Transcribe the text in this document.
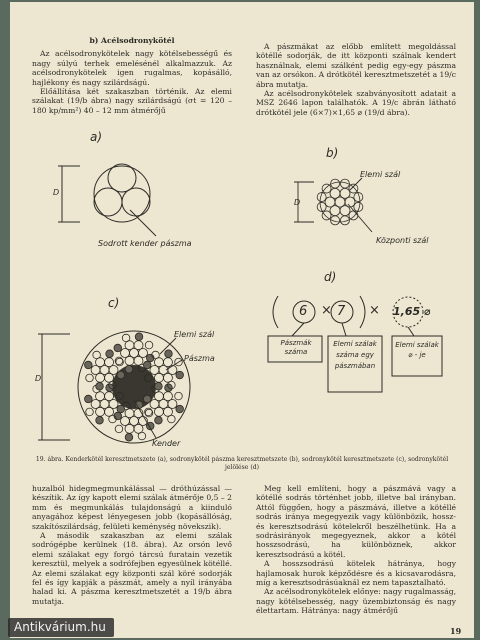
b) Acélsodronykötél

Az acélsodronykötelek nagy kötélsebességű és nagy súlyú terhek emelésénél alkalmazzuk. Az acélsodronykötelek igen rugalmas, kopásálló, hajlékony és nagy szilárdságú.

Előállítása két szakaszban történik. Az elemi szálakat (19/b ábra) nagy szilárdságú (σt = 120 – 180 kp/mm²) 40 – 12 mm átmérőjű

A pászmákat az előbb említett megoldással kötéllé sodorják, de itt központi szálnak kendert használnak, elemi szálként pedig egy-egy pászma van az orsókon. A drótkötél keresztmetszetét a 19/c ábra mutatja.

Az acélsodronykötelek szabványosított adatait a MSZ 2646 lapon találhatók. A 19/c ábrán látható drótkötél jele (6×7)×1,65 ⌀ (19/d ábra).

a)
D
Sodrott kender pászma
b)
D
Elemi szál
Központi szál
c)
D
Elemi szál
Pászma
Kender
d)
6 × 7 × 1,65 ⌀
Pászmák száma
Elemi szálak száma egy pászmában
Elemi szálak ⌀ - je
19. ábra. Kenderkötél keresztmetszete (a), sodronykötél pászma keresztmetszete (b), sodronykötél keresztmetszete (c), sodronykötél jelölése (d)

huzalból hidegmegmunkálással — dróthúzással — készítik. Az így kapott elemi szálak átmérője 0,5 – 2 mm és megmunkálás tulajdonságú a kiinduló anyagához képest lényegesen jobb (kopásállóság, szakítószilárdság, felületi keménység növekszik).

A második szakaszban az elemi szálak sodrógépbe kerülnek (18. ábra). Az orsón levő elemi szálakat egy forgó tárcsú furatain vezetik keresztül, melyek a sodrófejben egyesülnek kötéllé. Az elemi szálakat egy központi szál köré sodorják fel és így kapják a pászmát, amely a nyíl irányába halad ki. A pászma keresztmetszetét a 19/b ábra mutatja.

Meg kell említeni, hogy a pászmává vagy a kötéllé sodrás történhet jobb, illetve bal irányban. Attól függően, hogy a pászmává, illetve a kötéllé sodrás iránya megegyezik vagy különbözik, hossz- és keresztsodrású kötelekről beszélhetünk. Ha a sodrásirányok megegyeznek, akkor a kötél hosszsodrású, ha különböznek, akkor keresztsodrású a kötél.

A hosszsodrású kötelek hátránya, hogy hajlamosak hurok képződésre és a kicsavarodásra, míg a keresztsodrásúaknál ez nem tapasztalható.

Az acélsodronykötelek előnye: nagy rugalmasság, nagy kötélsebesség, nagy üzembiztonság és nagy élettartam. Hátránya: nagy átmérőjű

19
Antikvárium.hu
